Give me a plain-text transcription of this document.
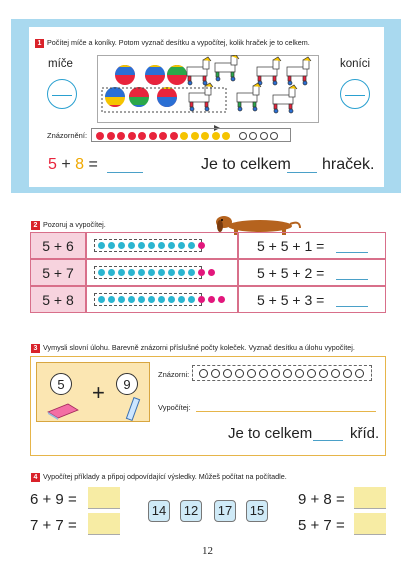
1 Počítej míče a koníky. Potom vyznač desítku a vypočítej, kolik hraček je to celkem.
míče	koníci
Znázornění:
5 + 8 =	Je to celkem hraček.
2 Pozoruj a vypočítej.
5 + 6	5 + 5 + 1 =
5 + 7	5 + 5 + 2 =
5 + 8	5 + 5 + 3 =
3 Vymysli slovní úlohu. Barevně znázorni příslušné počty koleček. Vyznač desítku a úlohu vypočítej.
5	+	9
Znázorni:
Vypočítej:
Je to celkem	kříd.
4 Vypočítej příklady a připoj odpovídající výsledky. Můžeš počítat na počítadle.
6 + 9 =
7 + 7 =
14 12 17 15
9 + 8 =
5 + 7 =
12
